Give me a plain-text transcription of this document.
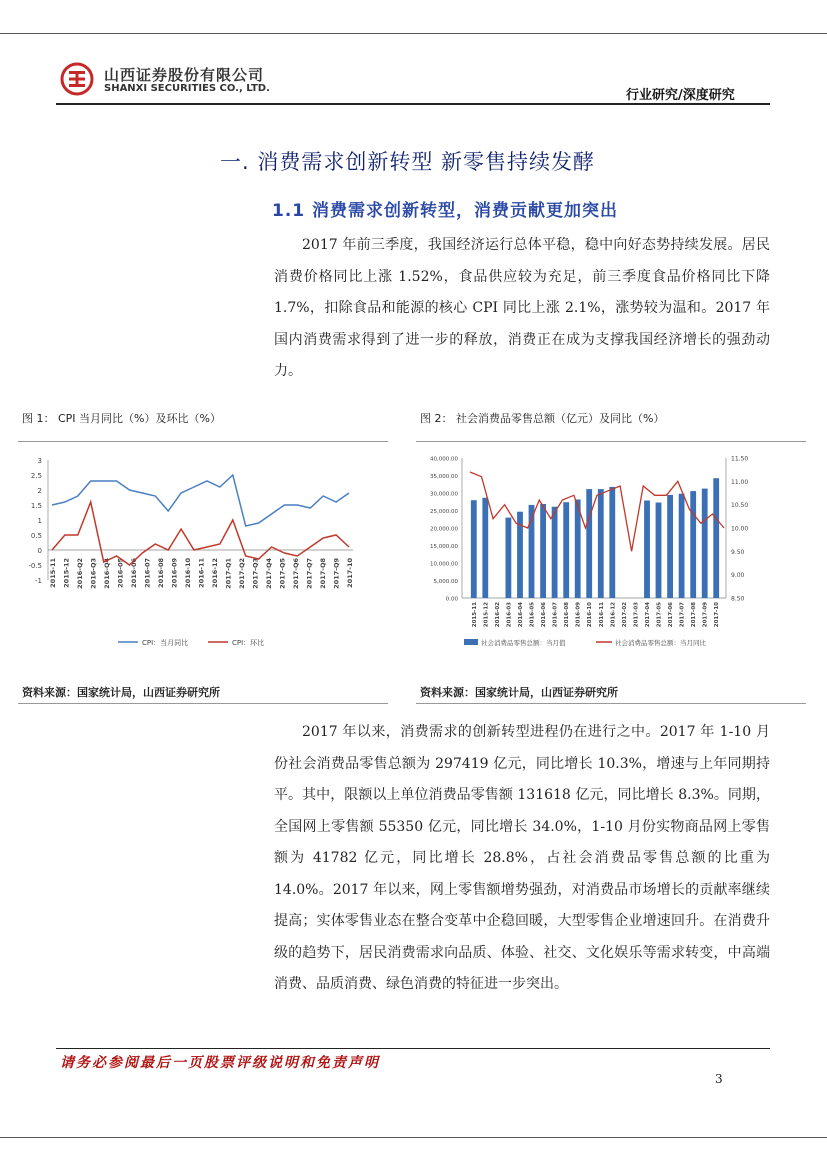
山西证券股份有限公司
SHANXI SECURITIES CO., LTD.	行业研究/深度研究
一. 消费需求创新转型 新零售持续发酵
1.1 消费需求创新转型，消费贡献更加突出
2017 年前三季度，我国经济运行总体平稳，稳中向好态势持续发展。居民消费价格同比上涨 1.52%，食品供应较为充足，前三季度食品价格同比下降 1.7%，扣除食品和能源的核心 CPI 同比上涨 2.1%，涨势较为温和。2017 年国内消费需求得到了进一步的释放，消费正在成为支撑我国经济增长的强劲动力。
图 1： CPI 当月同比（%）及环比（%）	图 2： 社会消费品零售总额（亿元）及同比（%）
3
2.5
2
1.5
1
0.5
0
-0.5
-1 2015-11 2015-12 2016-Q2 2016-Q3 2016-Q4 2016-05 2016-06 2016-07 2016-08 2016-09 2016-10 2016-11 2016-12 2017-Q1 2017-Q2 2017-Q3 2017-Q4 2017-Q5 2017-Q6 2017-Q7 2017-Q8 2017-Q9 2017-10
CPI：当月同比	CPI：环比
40,000.00
35,000.00
30,000.00
25,000.00
20,000.00
15,000.00
10,000.00
5,000.00
0.00
11.50
11.00
10.50
10.00
9.50
9.00
8.50
2015-11 2015-12 2016-02 2016-03 2016-04 2016-05 2016-06 2016-07 2016-08 2016-09 2016-10 2016-11 2016-12 2017-02 2017-03 2017-04 2017-05 2017-06 2017-07 2017-08 2017-09 2017-10
社会消费品零售总额：当月值	社会消费品零售总额：当月同比
资料来源：国家统计局，山西证券研究所	资料来源：国家统计局，山西证券研究所
2017 年以来，消费需求的创新转型进程仍在进行之中。2017 年 1-10 月份社会消费品零售总额为 297419 亿元，同比增长 10.3%，增速与上年同期持平。其中，限额以上单位消费品零售额 131618 亿元，同比增长 8.3%。同期，全国网上零售额 55350 亿元，同比增长 34.0%，1-10 月份实物商品网上零售额为 41782 亿元，同比增长 28.8%，占社会消费品零售总额的比重为 14.0%。2017 年以来，网上零售额增势强劲，对消费品市场增长的贡献率继续提高；实体零售业态在整合变革中企稳回暖，大型零售企业增速回升。在消费升级的趋势下，居民消费需求向品质、体验、社交、文化娱乐等需求转变，中高端消费、品质消费、绿色消费的特征进一步突出。
请务必参阅最后一页股票评级说明和免责声明
3
